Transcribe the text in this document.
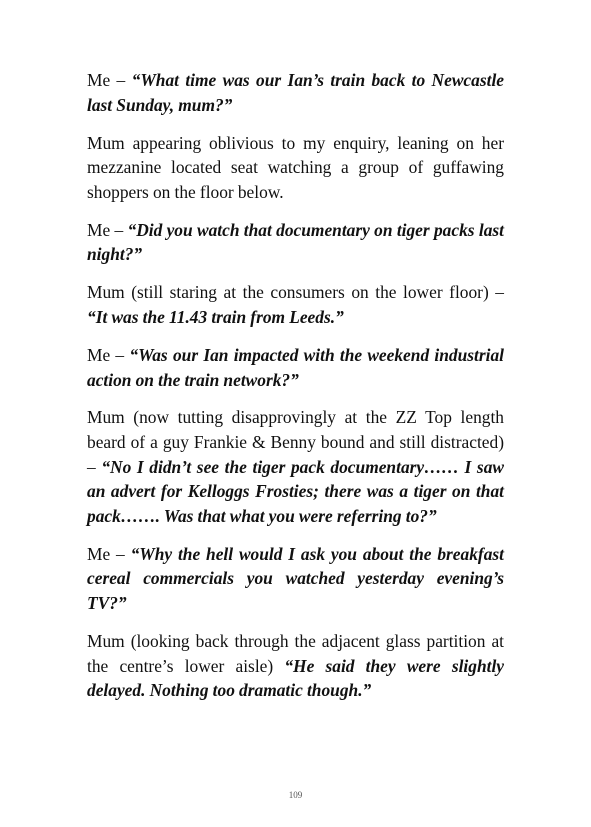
Me – “What time was our Ian’s train back to Newcastle last Sunday, mum?”

Mum appearing oblivious to my enquiry, leaning on her mezzanine located seat watching a group of guffawing shoppers on the floor below.

Me – “Did you watch that documentary on tiger packs last night?”

Mum (still staring at the consumers on the lower floor) – “It was the 11.43 train from Leeds.”

Me – “Was our Ian impacted with the weekend industrial action on the train network?”

Mum (now tutting disapprovingly at the ZZ Top length beard of a guy Frankie & Benny bound and still distracted) – “No I didn’t see the tiger pack documentary…… I saw an advert for Kelloggs Frosties; there was a tiger on that pack……. Was that what you were referring to?”

Me – “Why the hell would I ask you about the breakfast cereal commercials you watched yesterday evening’s TV?”

Mum (looking back through the adjacent glass partition at the centre’s lower aisle) “He said they were slightly delayed. Nothing too dramatic though.”

109
